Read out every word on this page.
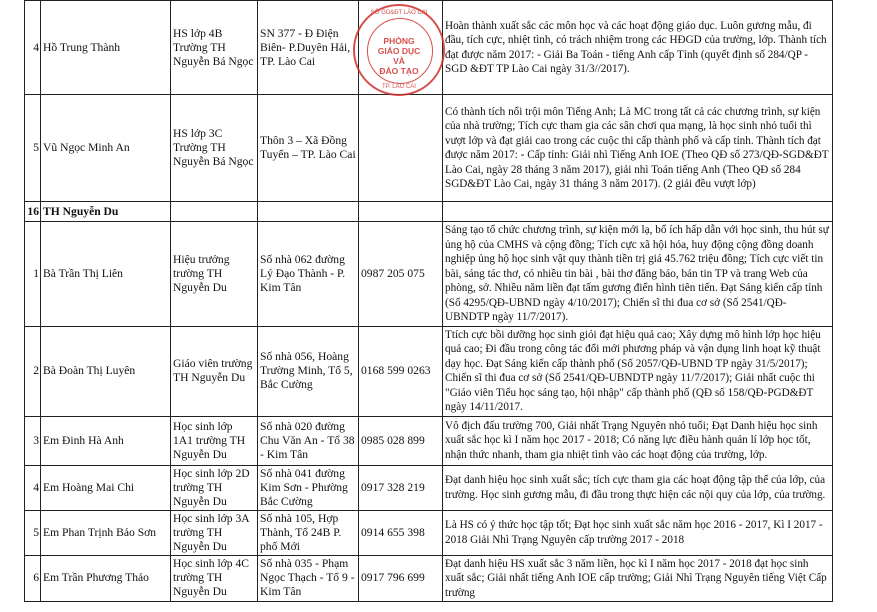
4	Hồ Trung Thành	HS lớp 4B Trường TH Nguyễn Bá Ngọc	SN 377 - Đ Điện Biên- P.Duyên Hải, TP. Lào Cai		Hoàn thành xuất sắc các môn học và các hoạt động giáo dục. Luôn gương mẫu, đi đầu, tích cực, nhiệt tình, có trách nhiệm trong các HĐGD của trường, lớp. Thành tích đạt được năm 2017: - Giải Ba Toán - tiếng Anh cấp Tỉnh (quyết định số 284/QP - SGD &ĐT TP Lào Cai ngày 31/3//2017).
5	Vũ Ngọc Minh An	HS lớp 3C Trường TH Nguyễn Bá Ngọc	Thôn 3 – Xã Đồng Tuyển – TP. Lào Cai		Có thành tích nổi trội môn Tiếng Anh; Là MC trong tất cả các chương trình, sự kiện của nhà trường; Tích cực tham gia các sân chơi qua mạng, là học sinh nhỏ tuổi thì vượt lớp và đạt giải cao trong các cuộc thi cấp thành phố và cấp tỉnh. Thành tích đạt được năm 2017: - Cấp tỉnh: Giải nhì Tiếng Anh IOE (Theo QĐ số 273/QĐ-SGD&ĐT Lào Cai, ngày 28 tháng 3 năm 2017), giải nhì Toán tiếng Anh (Theo QĐ số 284 SGD&ĐT Lào Cai, ngày 31 tháng 3 năm 2017). (2 giải đều vượt lớp)
16	TH Nguyễn Du				
1	Bà Trần Thị Liên	Hiệu trưởng trường TH Nguyễn Du	Số nhà 062 đường Lý Đạo Thành - P. Kim Tân	0987 205 075	Sáng tạo tổ chức chương trình, sự kiện mới lạ, bổ ích hấp dẫn với học sinh, thu hút sự ủng hộ của CMHS và cộng đồng; Tích cực xã hội hóa, huy động cộng đồng doanh nghiệp ủng hộ học sinh vật quy thành tiền trị giá 45.762 triệu đồng; Tích cực viết tin bài, sáng tác thơ, có nhiều tin bài , bài thơ đăng báo, bản tin TP và trang Web của phòng, sở. Nhiều năm liền đạt tấm gương điển hình tiên tiến. Đạt Sáng kiến cấp tỉnh (Số 4295/QĐ-UBND ngày 4/10/2017); Chiến sĩ thi đua cơ sở (Số 2541/QĐ-UBNDTP ngày 11/7/2017).
2	Bà Đoàn Thị Luyên	Giáo viên trường TH Nguyễn Du	Số nhà 056, Hoàng Trường Minh, Tổ 5, Bắc Cường	0168 599 0263	Ttích cực bồi dưỡng học sinh giỏi đạt hiệu quả cao; Xây dựng mô hình lớp học hiệu quả cao; Đi đầu trong công tác đổi mới phương pháp và vận dụng linh hoạt kỹ thuật dạy học. Đạt Sáng kiến cấp thành phố (Số 2057/QĐ-UBND TP ngày 31/5/2017); Chiến sĩ thi đua cơ sở (Số 2541/QĐ-UBNDTP ngày 11/7/2017); Giải nhất cuộc thi "Giáo viên Tiểu học sáng tạo, hội nhập" cấp thành phố (QĐ số 158/QĐ-PGD&ĐT ngày 14/11/2017.
3	Em Đinh Hà Anh	Học sinh lớp 1A1 trường TH Nguyễn Du	Số nhà 020 đường Chu Văn An - Tổ 38 - Kim Tân	0985 028 899	Vô địch đấu trường 700, Giải nhất Trạng Nguyên nhỏ tuổi; Đạt Danh hiệu học sinh xuất sắc học kì I năm học 2017 - 2018; Có năng lực điều hành quản lí lớp học tốt, nhận thức nhanh, tham gia nhiệt tình vào các hoạt động của trường, lớp.
4	Em Hoàng Mai Chi	Học sinh lớp 2D trường TH Nguyễn Du	Số nhà 041 đường Kim Sơn - Phường Bắc Cường	0917 328 219	Đạt danh hiệu học sinh xuất sắc; tích cực tham gia các hoạt động tập thể của lớp, của trường. Học sinh gương mẫu, đi đầu trong thực hiện các nội quy của lớp, của trường.
5	Em Phan Trịnh Bảo Sơn	Học sinh lớp 3A trường TH Nguyễn Du	Số nhà 105, Hợp Thành, Tổ 24B P. phố Mới	0914 655 398	Là HS có ý thức học tập tốt; Đạt học sinh xuất sắc năm học 2016 - 2017, Kì I 2017 - 2018 Giải Nhì Trạng Nguyên cấp trường 2017 - 2018
6	Em Trần Phương Thảo	Học sinh lớp 4C trường TH Nguyễn Du	Số nhà 035 - Phạm Ngọc Thạch - Tổ 9 - Kim Tân	0917 796 699	Đạt danh hiệu HS xuất sắc 3 năm liền, học kì I năm học 2017 - 2018 đạt học sinh xuất sắc; Giải nhất tiếng Anh IOE cấp trường; Giải Nhì Trạng Nguyên tiếng Việt Cấp trường
SỞ GD&ĐT LÀO CAI
PHÒNG
GIÁO DỤC
VÀ
ĐÀO TẠO
TP. LÀO CAI
